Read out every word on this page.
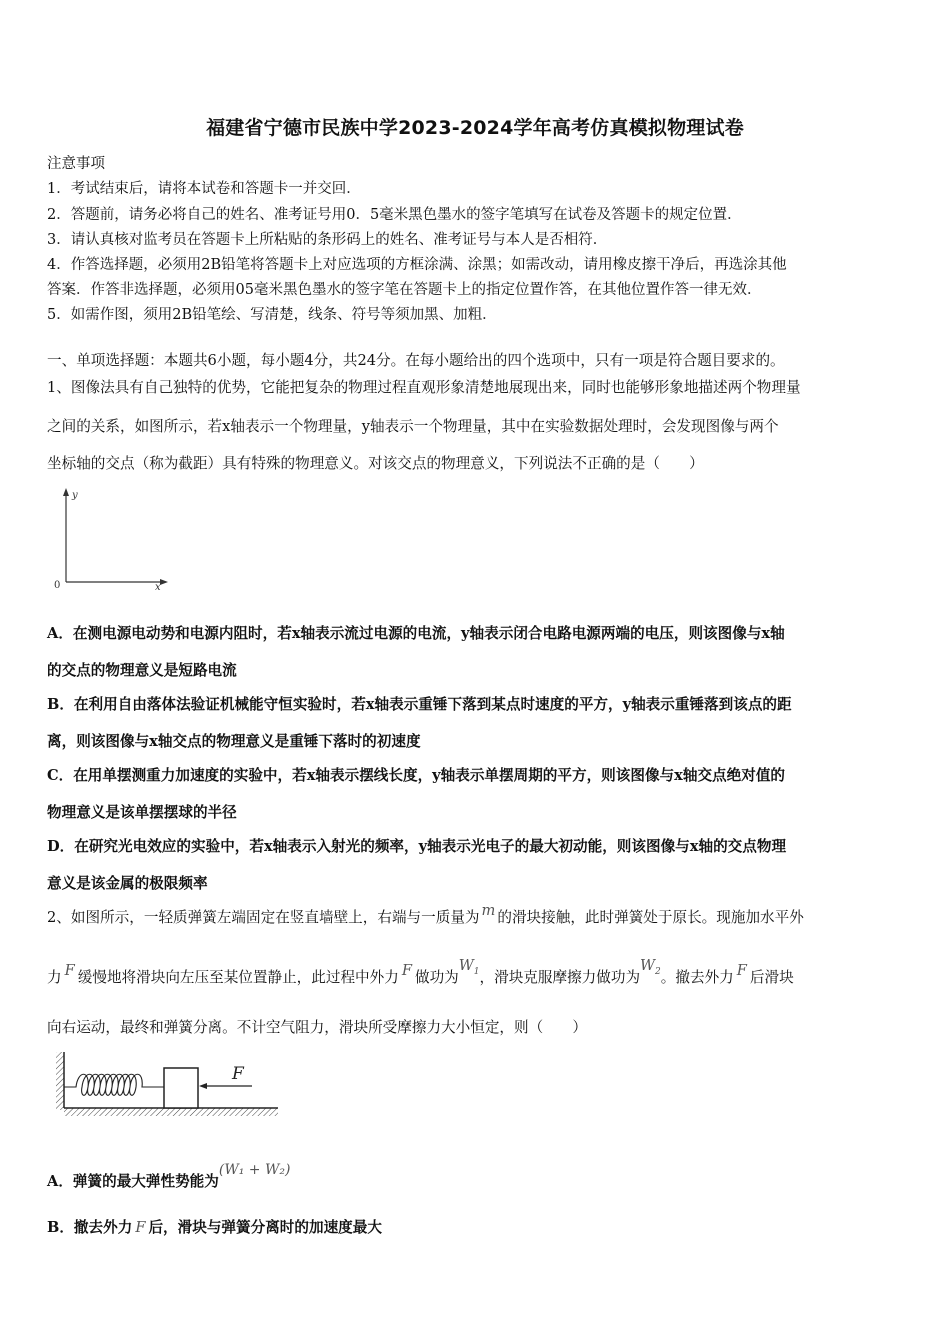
福建省宁德市民族中学2023-2024学年高考仿真模拟物理试卷
注意事项
1．考试结束后，请将本试卷和答题卡一并交回．
2．答题前，请务必将自己的姓名、准考证号用0．5毫米黑色墨水的签字笔填写在试卷及答题卡的规定位置．
3．请认真核对监考员在答题卡上所粘贴的条形码上的姓名、准考证号与本人是否相符．
4．作答选择题，必须用2B铅笔将答题卡上对应选项的方框涂满、涂黑；如需改动，请用橡皮擦干净后，再选涂其他
答案．作答非选择题，必须用05毫米黑色墨水的签字笔在答题卡上的指定位置作答，在其他位置作答一律无效．
5．如需作图，须用2B铅笔绘、写清楚，线条、符号等须加黑、加粗．
一、单项选择题：本题共6小题，每小题4分，共24分。在每小题给出的四个选项中，只有一项是符合题目要求的。
1、图像法具有自己独特的优势，它能把复杂的物理过程直观形象清楚地展现出来，同时也能够形象地描述两个物理量
之间的关系，如图所示，若x轴表示一个物理量，y轴表示一个物理量，其中在实验数据处理时，会发现图像与两个
坐标轴的交点（称为截距）具有特殊的物理意义。对该交点的物理意义，下列说法不正确的是（　　）
y
x
0
A．在测电源电动势和电源内阻时，若x轴表示流过电源的电流，y轴表示闭合电路电源两端的电压，则该图像与x轴
的交点的物理意义是短路电流
B．在利用自由落体法验证机械能守恒实验时，若x轴表示重锤下落到某点时速度的平方，y轴表示重锤落到该点的距
离，则该图像与x轴交点的物理意义是重锤下落时的初速度
C．在用单摆测重力加速度的实验中，若x轴表示摆线长度，y轴表示单摆周期的平方，则该图像与x轴交点绝对值的
物理意义是该单摆摆球的半径
D．在研究光电效应的实验中，若x轴表示入射光的频率，y轴表示光电子的最大初动能，则该图像与x轴的交点物理
意义是该金属的极限频率
2、如图所示，一轻质弹簧左端固定在竖直墙壁上，右端与一质量为 m 的滑块接触，此时弹簧处于原长。现施加水平外
力 F 缓慢地将滑块向左压至某位置静止，此过程中外力 F 做功为$W_1$，滑块克服摩擦力做功为$W_2$。撤去外力 F 后滑块
向右运动，最终和弹簧分离。不计空气阻力，滑块所受摩擦力大小恒定，则（　　）
F
A．弹簧的最大弹性势能为(W₁ + W₂)
B．撤去外力 F 后，滑块与弹簧分离时的加速度最大
